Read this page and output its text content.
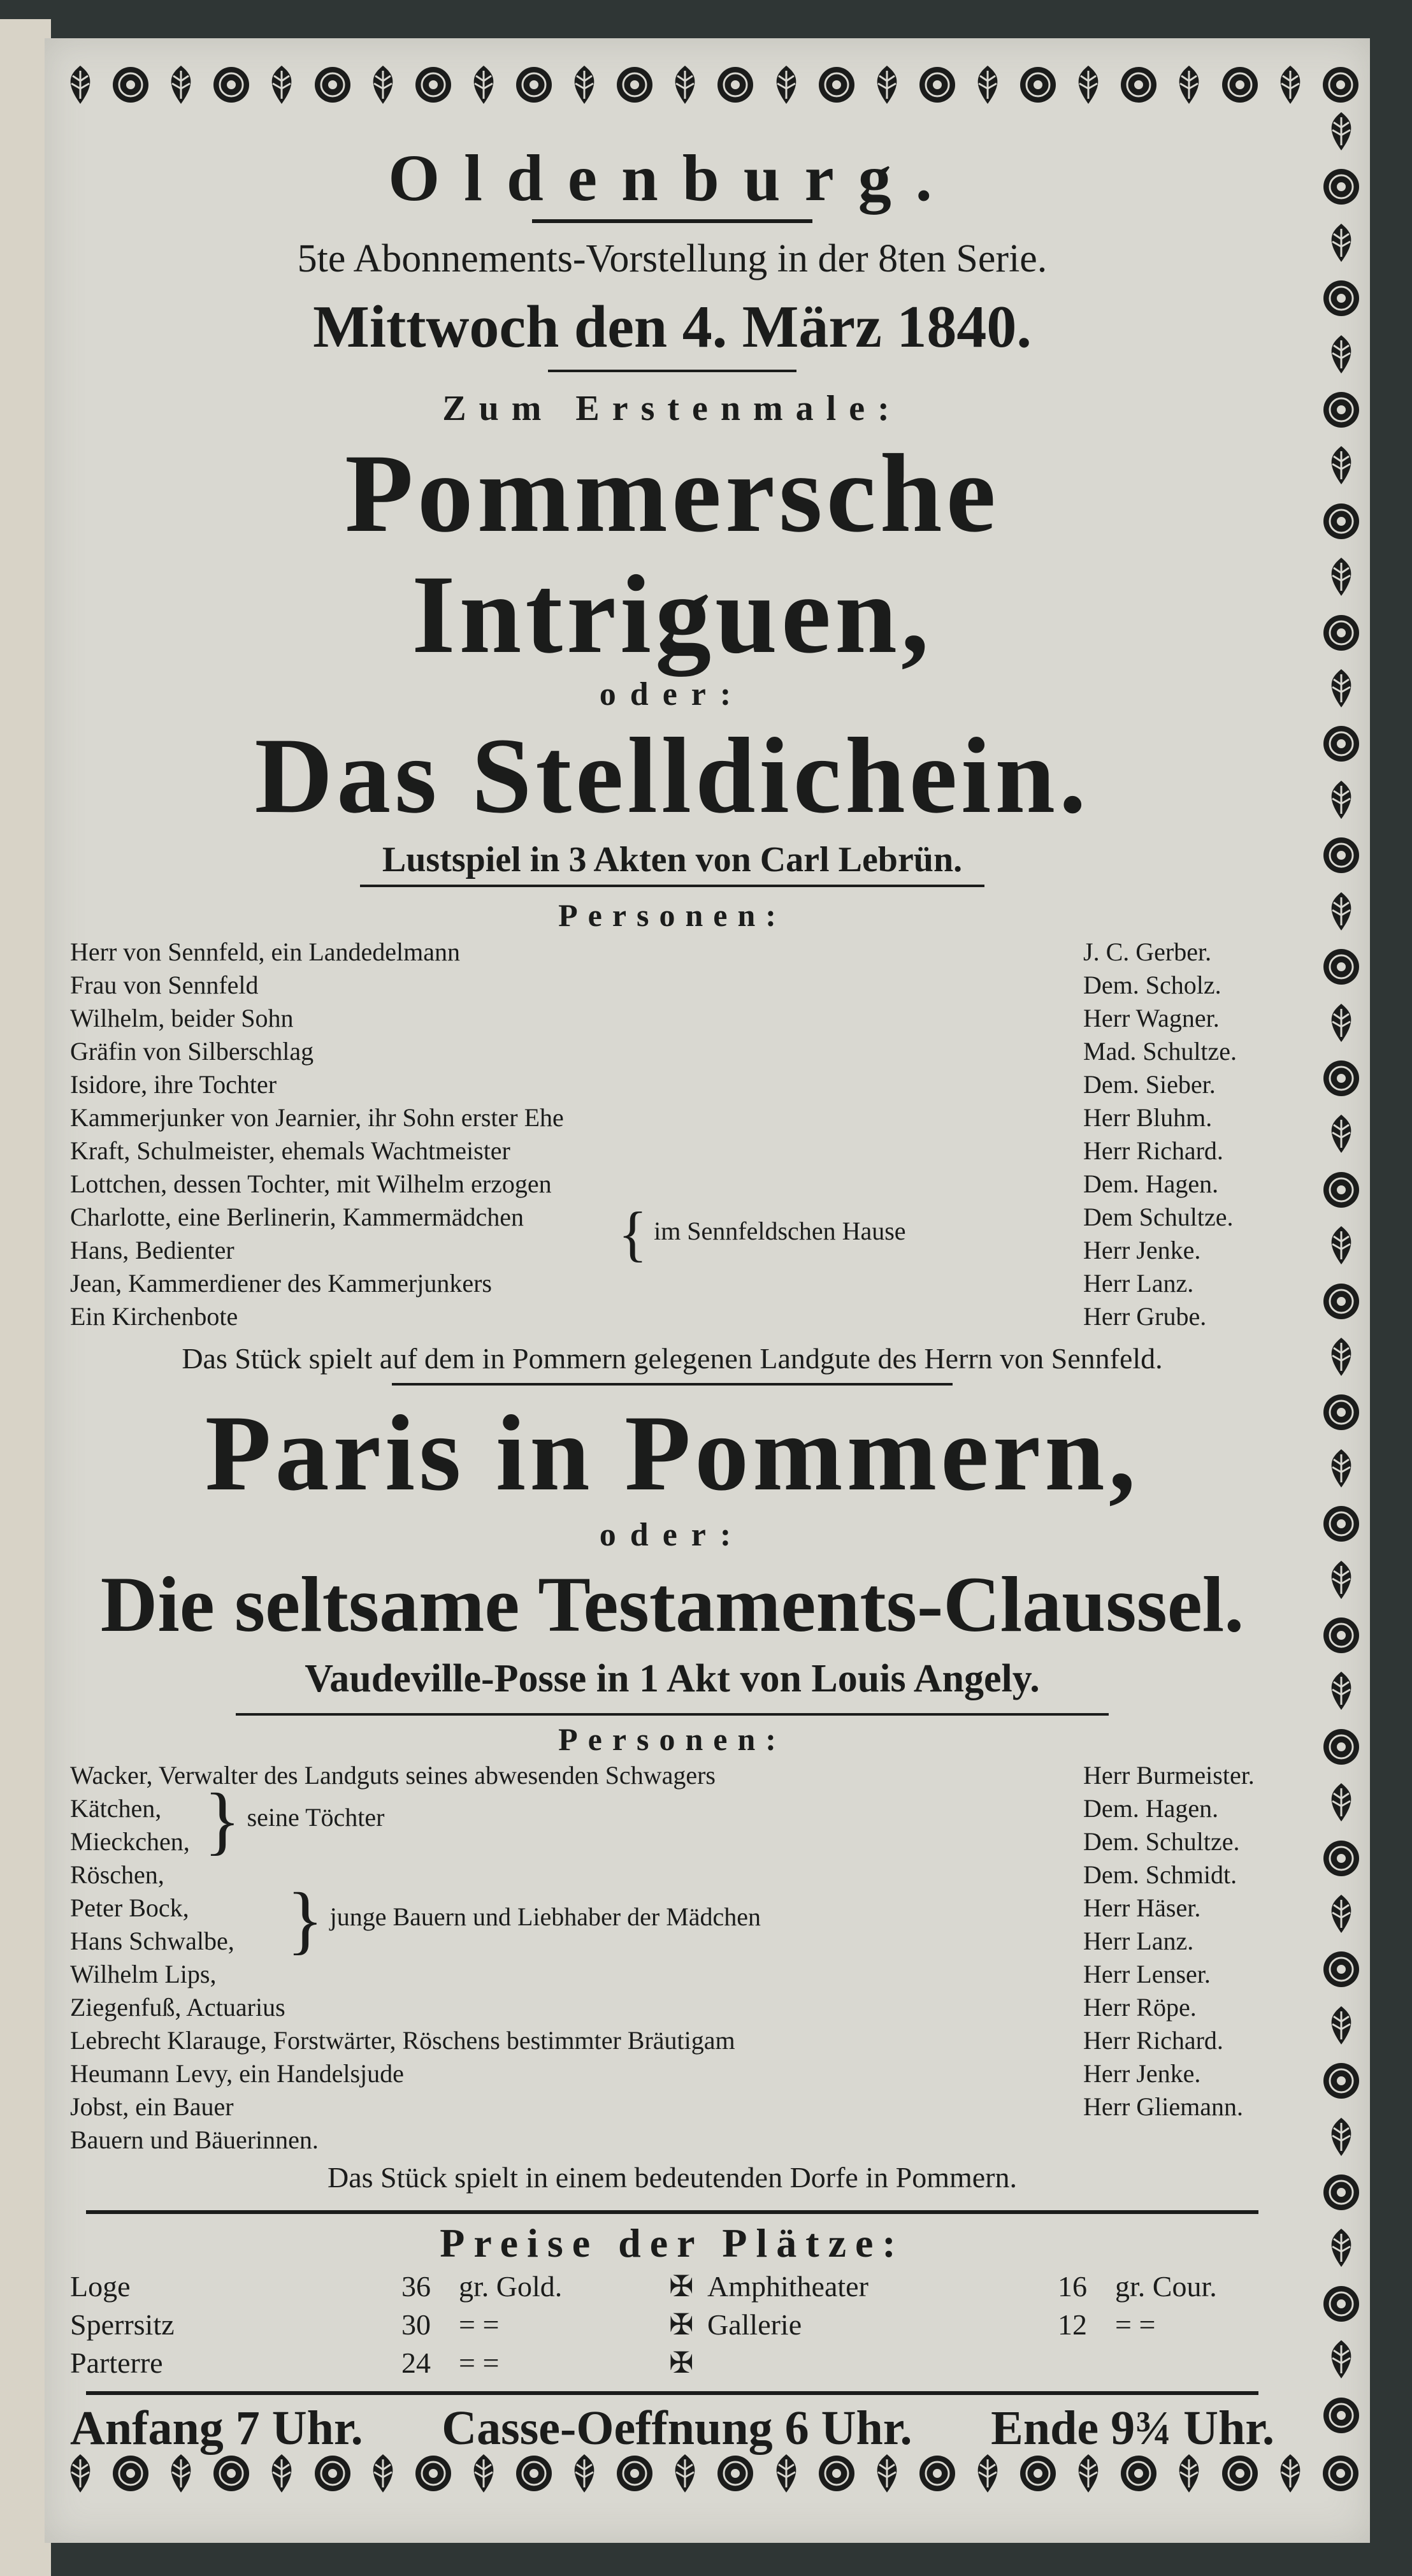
Oldenburg.
5te Abonnements-Vorstellung in der 8ten Serie.
Mittwoch den 4. März 1840.
Zum Erstenmale:
Pommersche Intriguen,
oder:
Das Stelldichein.
Lustspiel in 3 Akten von Carl Lebrün.
Personen:
Herr von Sennfeld, ein Landedelmann	J. C. Gerber.
Frau von Sennfeld	Dem. Scholz.
Wilhelm, beider Sohn	Herr Wagner.
Gräfin von Silberschlag	Mad. Schultze.
Isidore, ihre Tochter	Dem. Sieber.
Kammerjunker von Jearnier, ihr Sohn erster Ehe	Herr Bluhm.
Kraft, Schulmeister, ehemals Wachtmeister	Herr Richard.
Lottchen, dessen Tochter, mit Wilhelm erzogen	Dem. Hagen.
Charlotte, eine Berlinerin, Kammermädchen	Dem Schultze.
Hans, Bedienter	Herr Jenke.
Jean, Kammerdiener des Kammerjunkers	Herr Lanz.
Ein Kirchenbote	Herr Grube.
{ im Sennfeldschen Hause
Das Stück spielt auf dem in Pommern gelegenen Landgute des Herrn von Sennfeld.
Paris in Pommern,
oder:
Die seltsame Testaments-Claussel.
Vaudeville-Posse in 1 Akt von Louis Angely.
Personen:
Wacker, Verwalter des Landguts seines abwesenden Schwagers	Herr Burmeister.
Kätchen,	Dem. Hagen.
Mieckchen,	Dem. Schultze.
Röschen,	Dem. Schmidt.
Peter Bock,	Herr Häser.
Hans Schwalbe,	Herr Lanz.
Wilhelm Lips,	Herr Lenser.
Ziegenfuß, Actuarius	Herr Röpe.
Lebrecht Klarauge, Forstwärter, Röschens bestimmter Bräutigam	Herr Richard.
Heumann Levy, ein Handelsjude	Herr Jenke.
Jobst, ein Bauer	Herr Gliemann.
Bauern und Bäuerinnen.
} seine Töchter
} junge Bauern und Liebhaber der Mädchen
Das Stück spielt in einem bedeutenden Dorfe in Pommern.
Preise der Plätze:
Loge	36 gr. Gold.	✠ Amphitheater	16 gr. Cour.
Sperrsitz	30 = =	✠ Gallerie	12 = =
Parterre	24 = =	✠
Anfang 7 Uhr. Casse-Oeffnung 6 Uhr. Ende 9¾ Uhr.
